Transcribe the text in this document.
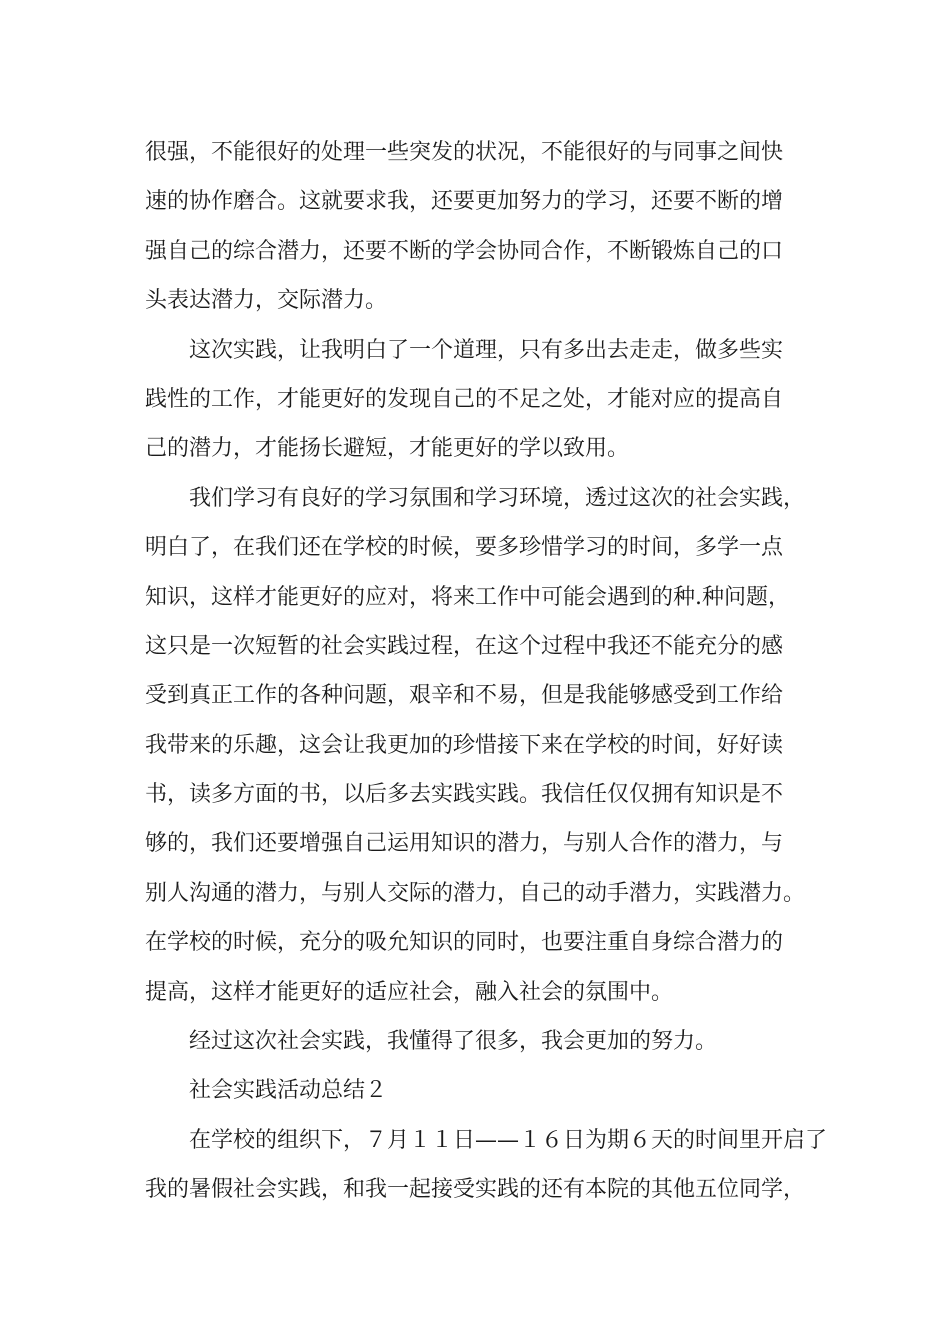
很强，不能很好的处理一些突发的状况，不能很好的与同事之间快
速的协作磨合。这就要求我，还要更加努力的学习，还要不断的增
强自己的综合潜力，还要不断的学会协同合作，不断锻炼自己的口
头表达潜力，交际潜力。
这次实践，让我明白了一个道理，只有多出去走走，做多些实
践性的工作，才能更好的发现自己的不足之处，才能对应的提高自
己的潜力，才能扬长避短，才能更好的学以致用。
我们学习有良好的学习氛围和学习环境，透过这次的社会实践，
明白了，在我们还在学校的时候，要多珍惜学习的时间，多学一点
知识，这样才能更好的应对，将来工作中可能会遇到的种.种问题，
这只是一次短暂的社会实践过程，在这个过程中我还不能充分的感
受到真正工作的各种问题，艰辛和不易，但是我能够感受到工作给
我带来的乐趣，这会让我更加的珍惜接下来在学校的时间，好好读
书，读多方面的书，以后多去实践实践。我信任仅仅拥有知识是不
够的，我们还要增强自己运用知识的潜力，与别人合作的潜力，与
别人沟通的潜力，与别人交际的潜力，自己的动手潜力，实践潜力。
在学校的时候，充分的吸允知识的同时，也要注重自身综合潜力的
提高，这样才能更好的适应社会，融入社会的氛围中。
经过这次社会实践，我懂得了很多，我会更加的努力。
社会实践活动总结２
在学校的组织下，７月１１日——１６日为期６天的时间里开启了
我的暑假社会实践，和我一起接受实践的还有本院的其他五位同学，
